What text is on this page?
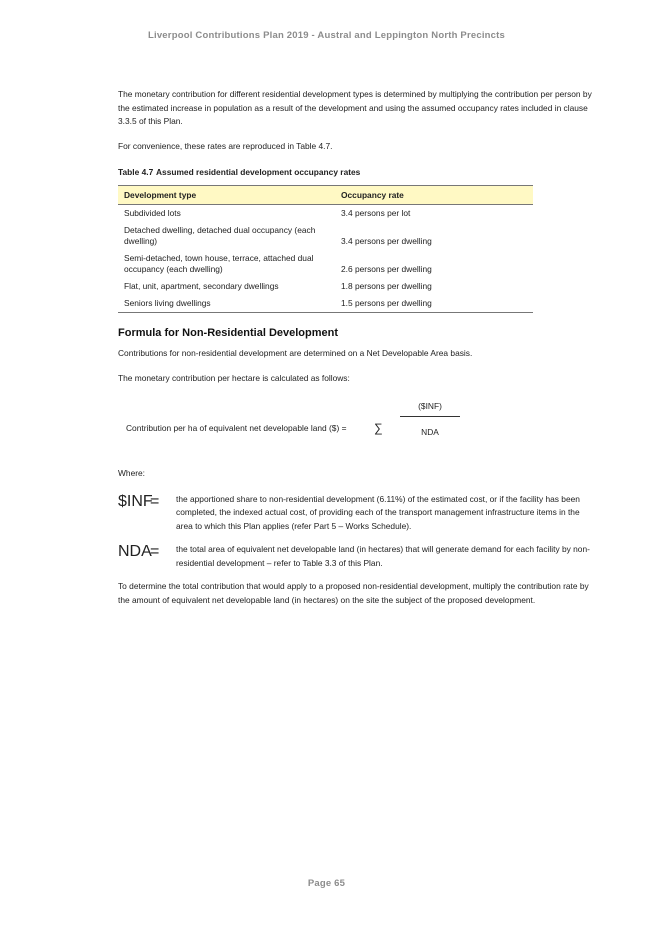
Liverpool Contributions Plan 2019 - Austral and Leppington North Precincts

The monetary contribution for different residential development types is determined by multiplying the contribution per person by the estimated increase in population as a result of the development and using the assumed occupancy rates included in clause 3.3.5 of this Plan.

For convenience, these rates are reproduced in Table 4.7.

Table 4.7 Assumed residential development occupancy rates
Development type	Occupancy rate
Subdivided lots	3.4 persons per lot
Detached dwelling, detached dual occupancy (each dwelling)	3.4 persons per dwelling
Semi-detached, town house, terrace, attached dual occupancy (each dwelling)	2.6 persons per dwelling
Flat, unit, apartment, secondary dwellings	1.8 persons per dwelling
Seniors living dwellings	1.5 persons per dwelling
Formula for Non-Residential Development

Contributions for non-residential development are determined on a Net Developable Area basis.

The monetary contribution per hectare is calculated as follows:

Contribution per ha of equivalent net developable land ($) = ∑
($INF)
NDA

Where:

$INF
= the apportioned share to non-residential development (6.11%) of the estimated cost, or if the facility has been completed, the indexed actual cost, of providing each of the transport management infrastructure items in the area to which this Plan applies (refer Part 5 – Works Schedule).

NDA
= the total area of equivalent net developable land (in hectares) that will generate demand for each facility by non-residential development – refer to Table 3.3 of this Plan.

To determine the total contribution that would apply to a proposed non-residential development, multiply the contribution rate by the amount of equivalent net developable land (in hectares) on the site the subject of the proposed development.

Page 65
